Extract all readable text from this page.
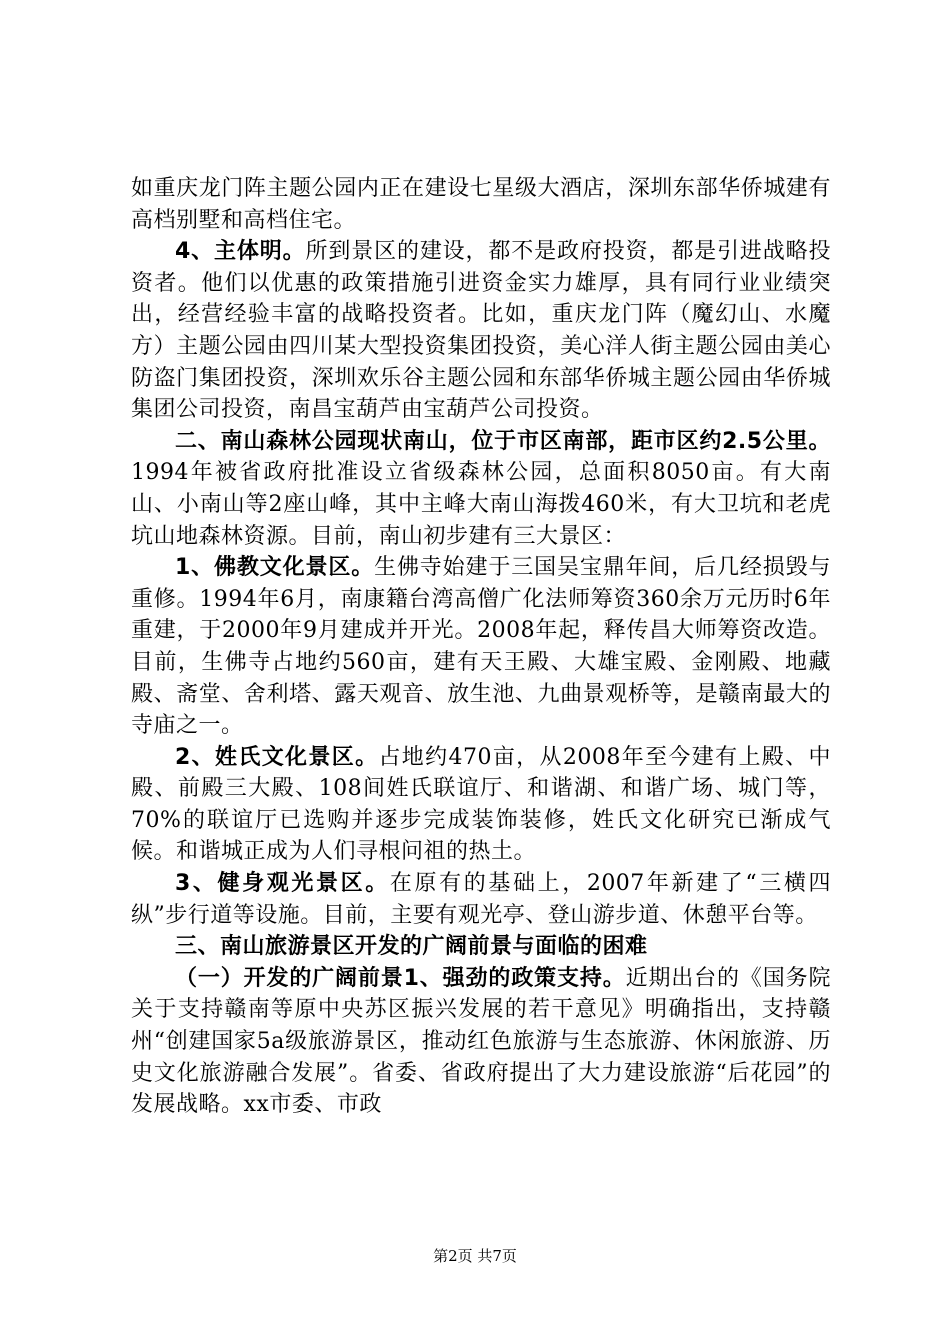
如重庆龙门阵主题公园内正在建设七星级大酒店，深圳东部华侨城建有高档别墅和高档住宅。

4、主体明。所到景区的建设，都不是政府投资，都是引进战略投资者。他们以优惠的政策措施引进资金实力雄厚，具有同行业业绩突出，经营经验丰富的战略投资者。比如，重庆龙门阵（魔幻山、水魔方）主题公园由四川某大型投资集团投资，美心洋人街主题公园由美心防盗门集团投资，深圳欢乐谷主题公园和东部华侨城主题公园由华侨城集团公司投资，南昌宝葫芦由宝葫芦公司投资。

二、南山森林公园现状南山，位于市区南部，距市区约2.5公里。1994年被省政府批准设立省级森林公园，总面积8050亩。有大南山、小南山等2座山峰，其中主峰大南山海拨460米，有大卫坑和老虎坑山地森林资源。目前，南山初步建有三大景区：

1、佛教文化景区。生佛寺始建于三国吴宝鼎年间，后几经损毁与重修。1994年6月，南康籍台湾高僧广化法师筹资360余万元历时6年重建，于2000年9月建成并开光。2008年起，释传昌大师筹资改造。目前，生佛寺占地约560亩，建有天王殿、大雄宝殿、金刚殿、地藏殿、斋堂、舍利塔、露天观音、放生池、九曲景观桥等，是赣南最大的寺庙之一。

2、姓氏文化景区。占地约470亩，从2008年至今建有上殿、中殿、前殿三大殿、108间姓氏联谊厅、和谐湖、和谐广场、城门等，70%的联谊厅已选购并逐步完成装饰装修，姓氏文化研究已渐成气候。和谐城正成为人们寻根问祖的热土。

3、健身观光景区。在原有的基础上，2007年新建了“三横四纵”步行道等设施。目前，主要有观光亭、登山游步道、休憩平台等。

三、南山旅游景区开发的广阔前景与面临的困难

（一）开发的广阔前景1、强劲的政策支持。近期出台的《国务院关于支持赣南等原中央苏区振兴发展的若干意见》明确指出，支持赣州“创建国家5a级旅游景区，推动红色旅游与生态旅游、休闲旅游、历史文化旅游融合发展”。省委、省政府提出了大力建设旅游“后花园”的发展战略。xx市委、市政

第2页 共7页
